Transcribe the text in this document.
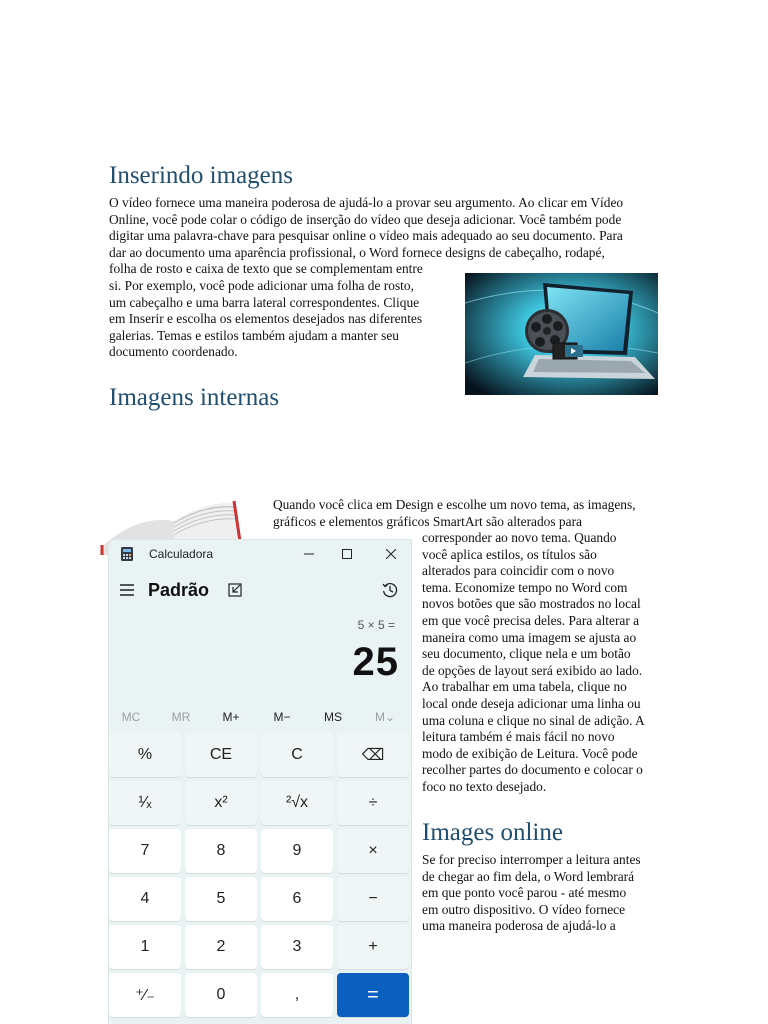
Inserindo imagens
O vídeo fornece uma maneira poderosa de ajudá-lo a provar seu argumento. Ao clicar em Vídeo
Online, você pode colar o código de inserção do vídeo que deseja adicionar. Você também pode
digitar uma palavra-chave para pesquisar online o vídeo mais adequado ao seu documento. Para
dar ao documento uma aparência profissional, o Word fornece designs de cabeçalho, rodapé,
folha de rosto e caixa de texto que se complementam entre
si. Por exemplo, você pode adicionar uma folha de rosto,
um cabeçalho e uma barra lateral correspondentes. Clique
em Inserir e escolha os elementos desejados nas diferentes
galerias. Temas e estilos também ajudam a manter seu
documento coordenado.
Imagens internas
Quando você clica em Design e escolhe um novo tema, as imagens,
gráficos e elementos gráficos SmartArt são alterados para
corresponder ao novo tema. Quando
você aplica estilos, os títulos são
alterados para coincidir com o novo
tema. Economize tempo no Word com
novos botões que são mostrados no local
em que você precisa deles. Para alterar a
maneira como uma imagem se ajusta ao
seu documento, clique nela e um botão
de opções de layout será exibido ao lado.
Ao trabalhar em uma tabela, clique no
local onde deseja adicionar uma linha ou
uma coluna e clique no sinal de adição. A
leitura também é mais fácil no novo
modo de exibição de Leitura. Você pode
recolher partes do documento e colocar o
foco no texto desejado.
Images online
Se for preciso interromper a leitura antes
de chegar ao fim dela, o Word lembrará
em que ponto você parou - até mesmo
em outro dispositivo. O vídeo fornece
uma maneira poderosa de ajudá-lo a
Calculadora
Padrão
5 × 5 =
25
MC	MR	M+	M−	MS	M⌄
%	CE	C	⌫
¹⁄ₓ	x²	²√x	÷
7	8	9	×
4	5	6	−
1	2	3	+
⁺⁄₋	0	,	=
